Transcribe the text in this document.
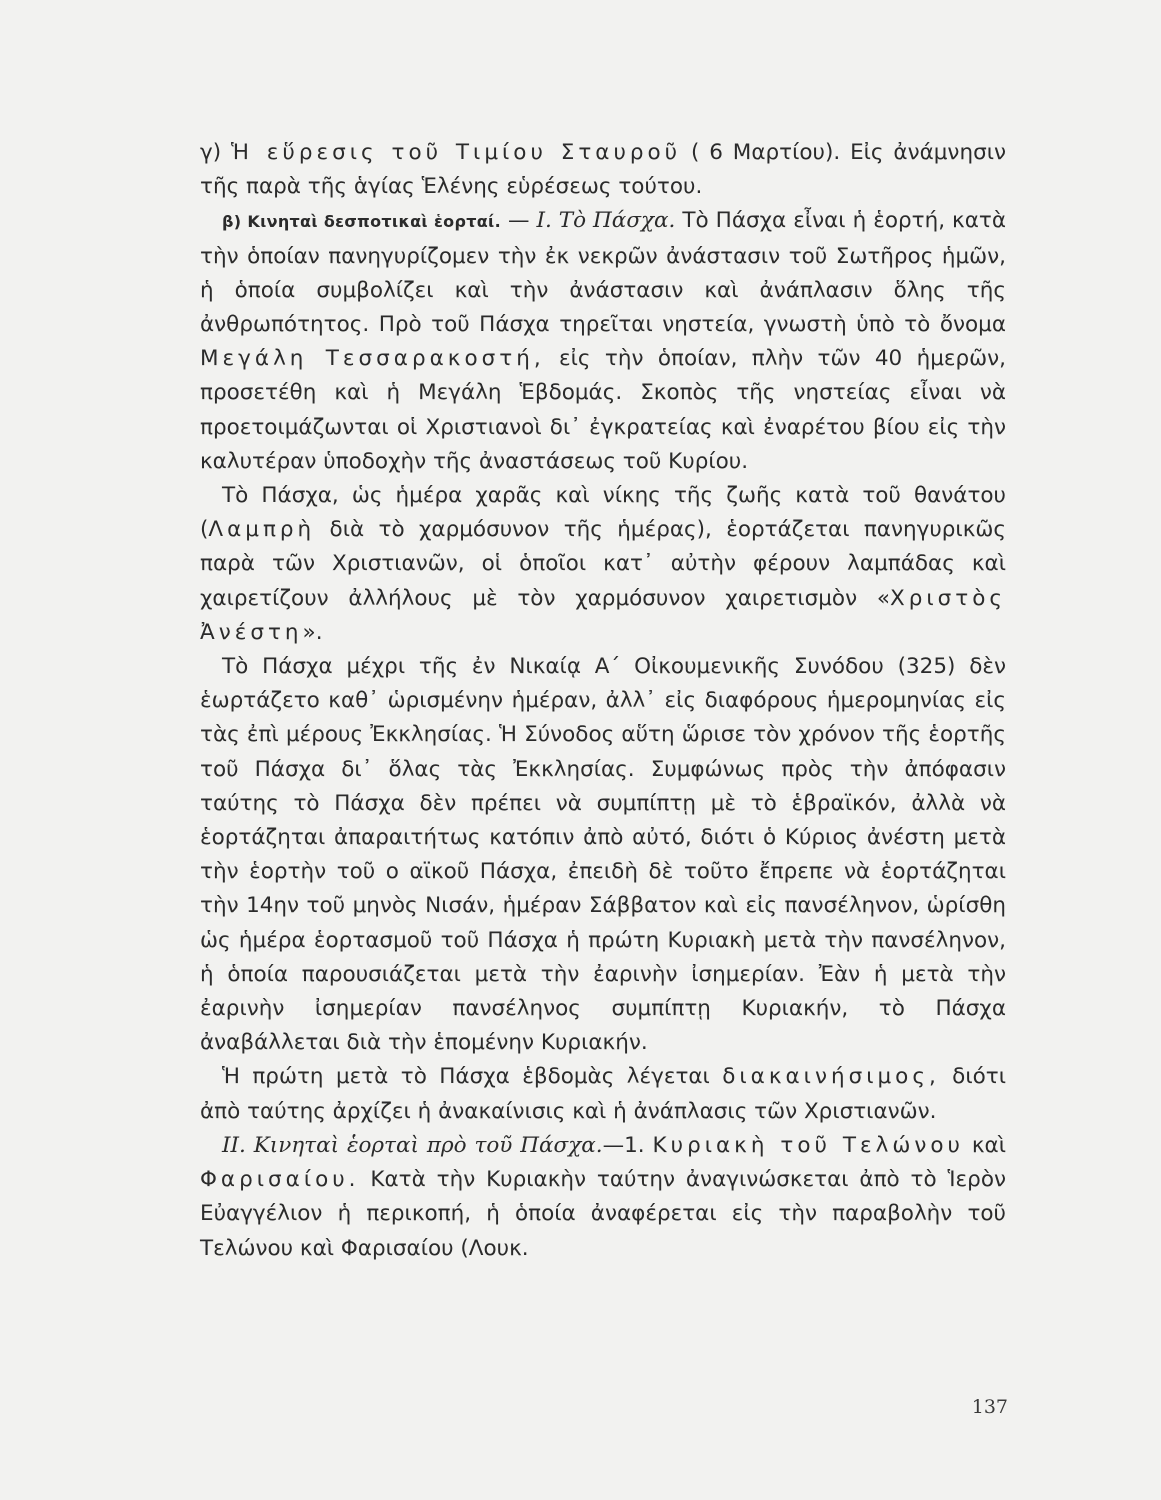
γ) Ἡ εὕρεσις τοῦ Τιμίου Σταυροῦ ( 6 Μαρτίου). Εἰς ἀνάμνησιν τῆς παρὰ τῆς ἁγίας Ἑλένης εὑρέσεως τούτου.

β) Κινηταὶ δεσποτικαὶ ἑορταί. — I. Τὸ Πάσχα. Τὸ Πάσχα εἶναι ἡ ἑορτή, κατὰ τὴν ὁποίαν πανηγυρίζομεν τὴν ἐκ νεκρῶν ἀνάστασιν τοῦ Σωτῆρος ἡμῶν, ἡ ὁποία συμβολίζει καὶ τὴν ἀνάστασιν καὶ ἀνάπλασιν ὅλης τῆς ἀνθρωπότητος. Πρὸ τοῦ Πάσχα τηρεῖται νηστεία, γνωστὴ ὑπὸ τὸ ὄνομα Μεγάλη Τεσσαρακοστή, εἰς τὴν ὁποίαν, πλὴν τῶν 40 ἡμερῶν, προσετέθη καὶ ἡ Μεγάλη Ἑβδομάς. Σκοπὸς τῆς νηστείας εἶναι νὰ προετοιμάζωνται οἱ Χριστιανοὶ δι᾽ ἐγκρατείας καὶ ἐναρέτου βίου εἰς τὴν καλυτέραν ὑποδοχὴν τῆς ἀναστάσεως τοῦ Κυρίου.

Τὸ Πάσχα, ὡς ἡμέρα χαρᾶς καὶ νίκης τῆς ζωῆς κατὰ τοῦ θανάτου (Λαμπρὴ διὰ τὸ χαρμόσυνον τῆς ἡμέρας), ἑορτάζεται πανηγυρικῶς παρὰ τῶν Χριστιανῶν, οἱ ὁποῖοι κατ᾽ αὐτὴν φέρουν λαμπάδας καὶ χαιρετίζουν ἀλλήλους μὲ τὸν χαρμόσυνον χαιρετισμὸν «Χριστὸς Ἀνέστη».

Τὸ Πάσχα μέχρι τῆς ἐν Νικαίᾳ Α΄ Οἰκουμενικῆς Συνόδου (325) δὲν ἑωρτάζετο καθ᾽ ὡρισμένην ἡμέραν, ἀλλ᾽ εἰς διαφόρους ἡμερομηνίας εἰς τὰς ἐπὶ μέρους Ἐκκλησίας. Ἡ Σύνοδος αὕτη ὥρισε τὸν χρόνον τῆς ἑορτῆς τοῦ Πάσχα δι᾽ ὅλας τὰς Ἐκκλησίας. Συμφώνως πρὸς τὴν ἀπόφασιν ταύτης τὸ Πάσχα δὲν πρέπει νὰ συμπίπτῃ μὲ τὸ ἑβραϊκόν, ἀλλὰ νὰ ἑορτάζηται ἀπαραιτήτως κατόπιν ἀπὸ αὐτό, διότι ὁ Κύριος ἀνέστη μετὰ τὴν ἑορτὴν τοῦ ο αϊκοῦ Πάσχα, ἐπειδὴ δὲ τοῦτο ἔπρεπε νὰ ἑορτάζηται τὴν 14ην τοῦ μηνὸς Νισάν, ἡμέραν Σάββατον καὶ εἰς πανσέληνον, ὡρίσθη ὡς ἡμέρα ἑορτασμοῦ τοῦ Πάσχα ἡ πρώτη Κυριακὴ μετὰ τὴν πανσέληνον, ἡ ὁποία παρουσιάζεται μετὰ τὴν ἐαρινὴν ἰσημερίαν. Ἐὰν ἡ μετὰ τὴν ἐαρινὴν ἰσημερίαν πανσέληνος συμπίπτῃ Κυριακήν, τὸ Πάσχα ἀναβάλλεται διὰ τὴν ἑπομένην Κυριακήν.

Ἡ πρώτη μετὰ τὸ Πάσχα ἑβδομὰς λέγεται διακαινήσιμος, διότι ἀπὸ ταύτης ἀρχίζει ἡ ἀνακαίνισις καὶ ἡ ἀνάπλασις τῶν Χριστιανῶν.

II. Κινηταὶ ἑορταὶ πρὸ τοῦ Πάσχα.—1. Κυριακὴ τοῦ Τελώνου καὶ Φαρισαίου. Κατὰ τὴν Κυριακὴν ταύτην ἀναγινώσκεται ἀπὸ τὸ Ἱερὸν Εὐαγγέλιον ἡ περικοπή, ἡ ὁποία ἀναφέρεται εἰς τὴν παραβολὴν τοῦ Τελώνου καὶ Φαρισαίου (Λουκ.

137
